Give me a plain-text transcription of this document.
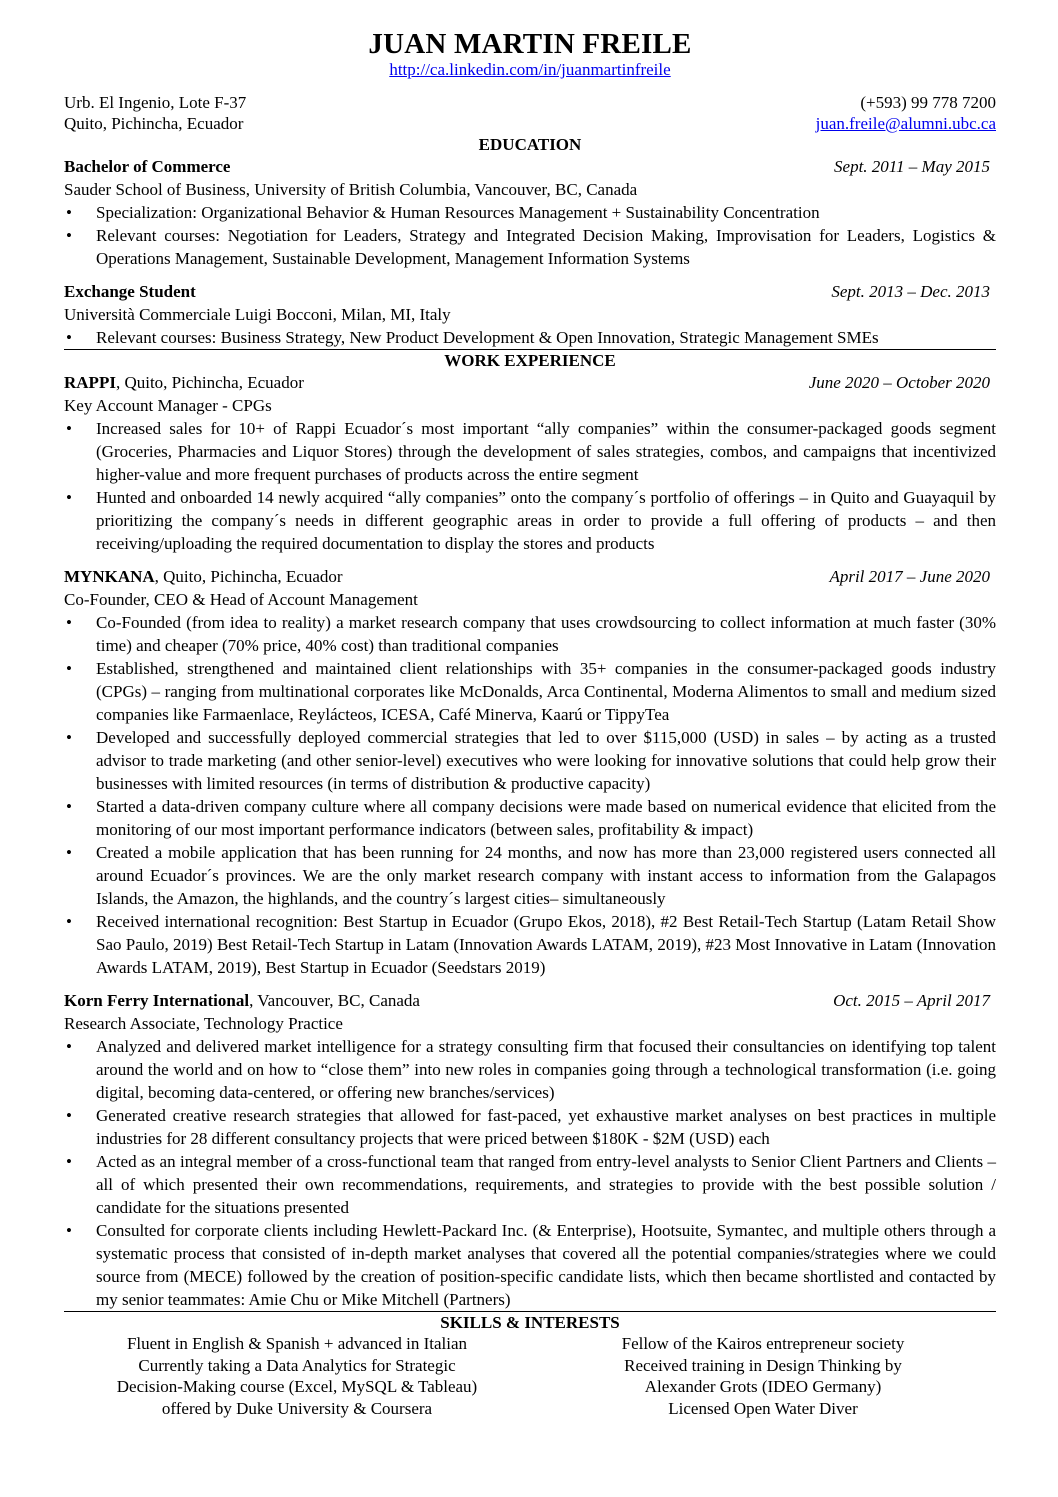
JUAN MARTIN FREILE
http://ca.linkedin.com/in/juanmartinfreile
Urb. El Ingenio, Lote F-37
Quito, Pichincha, Ecuador
(+593) 99 778 7200
juan.freile@alumni.ubc.ca
EDUCATION
Bachelor of Commerce	Sept. 2011 – May 2015
Sauder School of Business, University of British Columbia, Vancouver, BC, Canada
• Specialization: Organizational Behavior & Human Resources Management + Sustainability Concentration
• Relevant courses: Negotiation for Leaders, Strategy and Integrated Decision Making, Improvisation for Leaders, Logistics & Operations Management, Sustainable Development, Management Information Systems
Exchange Student	Sept. 2013 – Dec. 2013
Università Commerciale Luigi Bocconi, Milan, MI, Italy
• Relevant courses: Business Strategy, New Product Development & Open Innovation, Strategic Management SMEs
WORK EXPERIENCE
RAPPI, Quito, Pichincha, Ecuador	June 2020 – October 2020
Key Account Manager - CPGs
• Increased sales for 10+ of Rappi Ecuador´s most important “ally companies” within the consumer-packaged goods segment (Groceries, Pharmacies and Liquor Stores) through the development of sales strategies, combos, and campaigns that incentivized higher-value and more frequent purchases of products across the entire segment
• Hunted and onboarded 14 newly acquired “ally companies” onto the company´s portfolio of offerings – in Quito and Guayaquil by prioritizing the company´s needs in different geographic areas in order to provide a full offering of products – and then receiving/uploading the required documentation to display the stores and products
MYNKANA, Quito, Pichincha, Ecuador	April 2017 – June 2020
Co-Founder, CEO & Head of Account Management
• Co-Founded (from idea to reality) a market research company that uses crowdsourcing to collect information at much faster (30% time) and cheaper (70% price, 40% cost) than traditional companies
• Established, strengthened and maintained client relationships with 35+ companies in the consumer-packaged goods industry (CPGs) – ranging from multinational corporates like McDonalds, Arca Continental, Moderna Alimentos to small and medium sized companies like Farmaenlace, Reylácteos, ICESA, Café Minerva, Kaarú or TippyTea
• Developed and successfully deployed commercial strategies that led to over $115,000 (USD) in sales – by acting as a trusted advisor to trade marketing (and other senior-level) executives who were looking for innovative solutions that could help grow their businesses with limited resources (in terms of distribution & productive capacity)
• Started a data-driven company culture where all company decisions were made based on numerical evidence that elicited from the monitoring of our most important performance indicators (between sales, profitability & impact)
• Created a mobile application that has been running for 24 months, and now has more than 23,000 registered users connected all around Ecuador´s provinces. We are the only market research company with instant access to information from the Galapagos Islands, the Amazon, the highlands, and the country´s largest cities– simultaneously
• Received international recognition: Best Startup in Ecuador (Grupo Ekos, 2018), #2 Best Retail-Tech Startup (Latam Retail Show Sao Paulo, 2019) Best Retail-Tech Startup in Latam (Innovation Awards LATAM, 2019), #23 Most Innovative in Latam (Innovation Awards LATAM, 2019), Best Startup in Ecuador (Seedstars 2019)
Korn Ferry International, Vancouver, BC, Canada	Oct. 2015 – April 2017
Research Associate, Technology Practice
• Analyzed and delivered market intelligence for a strategy consulting firm that focused their consultancies on identifying top talent around the world and on how to “close them” into new roles in companies going through a technological transformation (i.e. going digital, becoming data-centered, or offering new branches/services)
• Generated creative research strategies that allowed for fast-paced, yet exhaustive market analyses on best practices in multiple industries for 28 different consultancy projects that were priced between $180K - $2M (USD) each
• Acted as an integral member of a cross-functional team that ranged from entry-level analysts to Senior Client Partners and Clients – all of which presented their own recommendations, requirements, and strategies to provide with the best possible solution / candidate for the situations presented
• Consulted for corporate clients including Hewlett-Packard Inc. (& Enterprise), Hootsuite, Symantec, and multiple others through a systematic process that consisted of in-depth market analyses that covered all the potential companies/strategies where we could source from (MECE) followed by the creation of position-specific candidate lists, which then became shortlisted and contacted by my senior teammates: Amie Chu or Mike Mitchell (Partners)
SKILLS & INTERESTS
Fluent in English & Spanish + advanced in Italian
Currently taking a Data Analytics for Strategic
Decision-Making course (Excel, MySQL & Tableau)
offered by Duke University & Coursera
Fellow of the Kairos entrepreneur society
Received training in Design Thinking by
Alexander Grots (IDEO Germany)
Licensed Open Water Diver
